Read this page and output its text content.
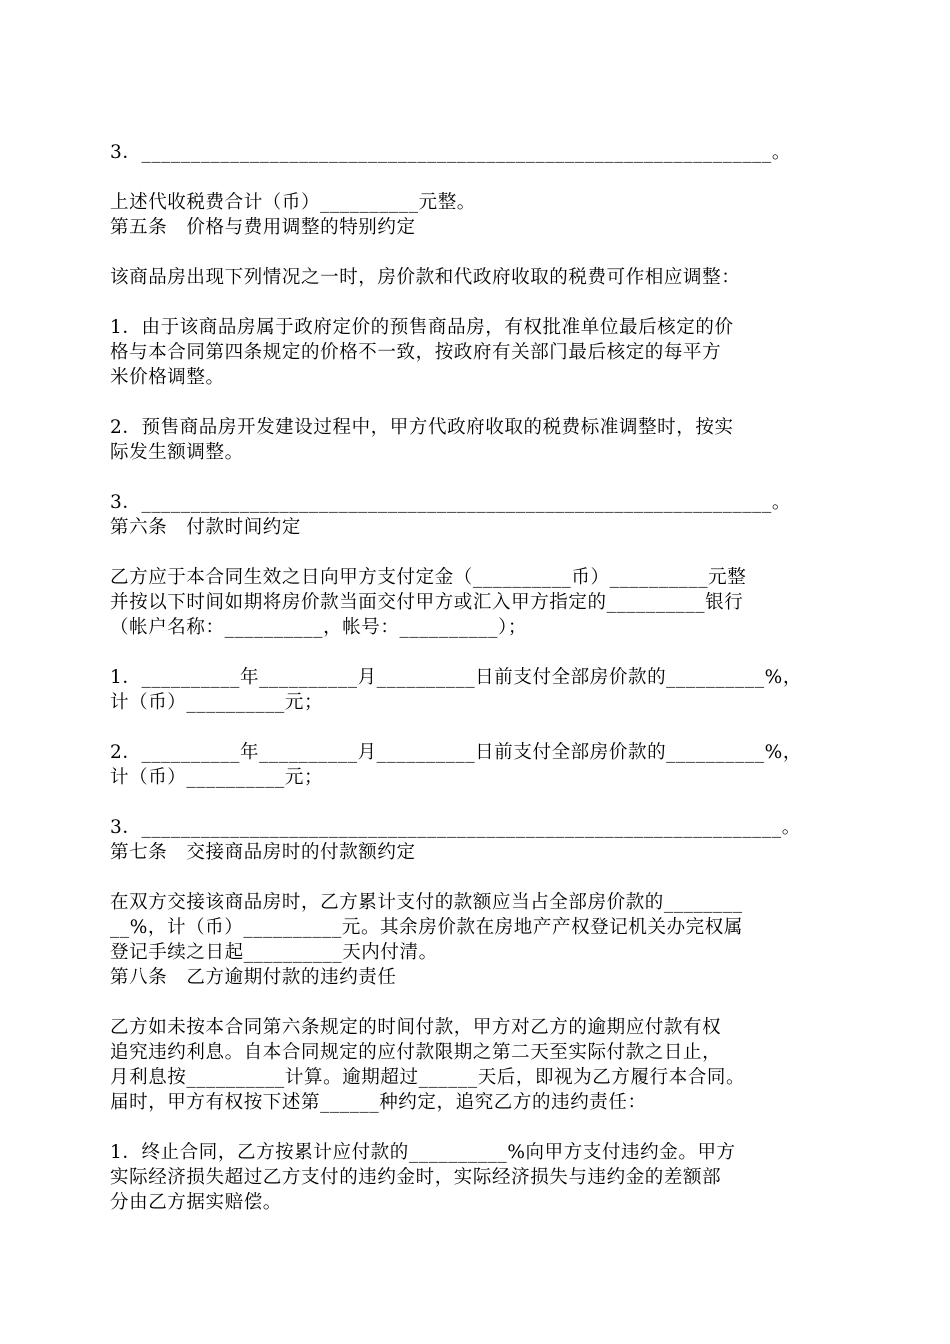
3．________________________________________________________________。

上述代收税费合计（币）__________元整。

第五条　价格与费用调整的特别约定

该商品房出现下列情况之一时，房价款和代政府收取的税费可作相应调整：

1．由于该商品房属于政府定价的预售商品房，有权批准单位最后核定的价

格与本合同第四条规定的价格不一致，按政府有关部门最后核定的每平方

米价格调整。

2．预售商品房开发建设过程中，甲方代政府收取的税费标准调整时，按实

际发生额调整。

3．________________________________________________________________。

第六条　付款时间约定

乙方应于本合同生效之日向甲方支付定金（__________币）__________元整

并按以下时间如期将房价款当面交付甲方或汇入甲方指定的__________银行

（帐户名称：__________，帐号：__________）；

1．__________年__________月__________日前支付全部房价款的__________%，

计（币）__________元；

2．__________年__________月__________日前支付全部房价款的__________%，

计（币）__________元；

3．_________________________________________________________________。

第七条　交接商品房时的付款额约定

在双方交接该商品房时，乙方累计支付的款额应当占全部房价款的________

__%，计（币）__________元。其余房价款在房地产产权登记机关办完权属

登记手续之日起__________天内付清。

第八条　乙方逾期付款的违约责任

乙方如未按本合同第六条规定的时间付款，甲方对乙方的逾期应付款有权

追究违约利息。自本合同规定的应付款限期之第二天至实际付款之日止，

月利息按__________计算。逾期超过______天后，即视为乙方履行本合同。

届时，甲方有权按下述第______种约定，追究乙方的违约责任：

1．终止合同，乙方按累计应付款的__________%向甲方支付违约金。甲方

实际经济损失超过乙方支付的违约金时，实际经济损失与违约金的差额部

分由乙方据实赔偿。
